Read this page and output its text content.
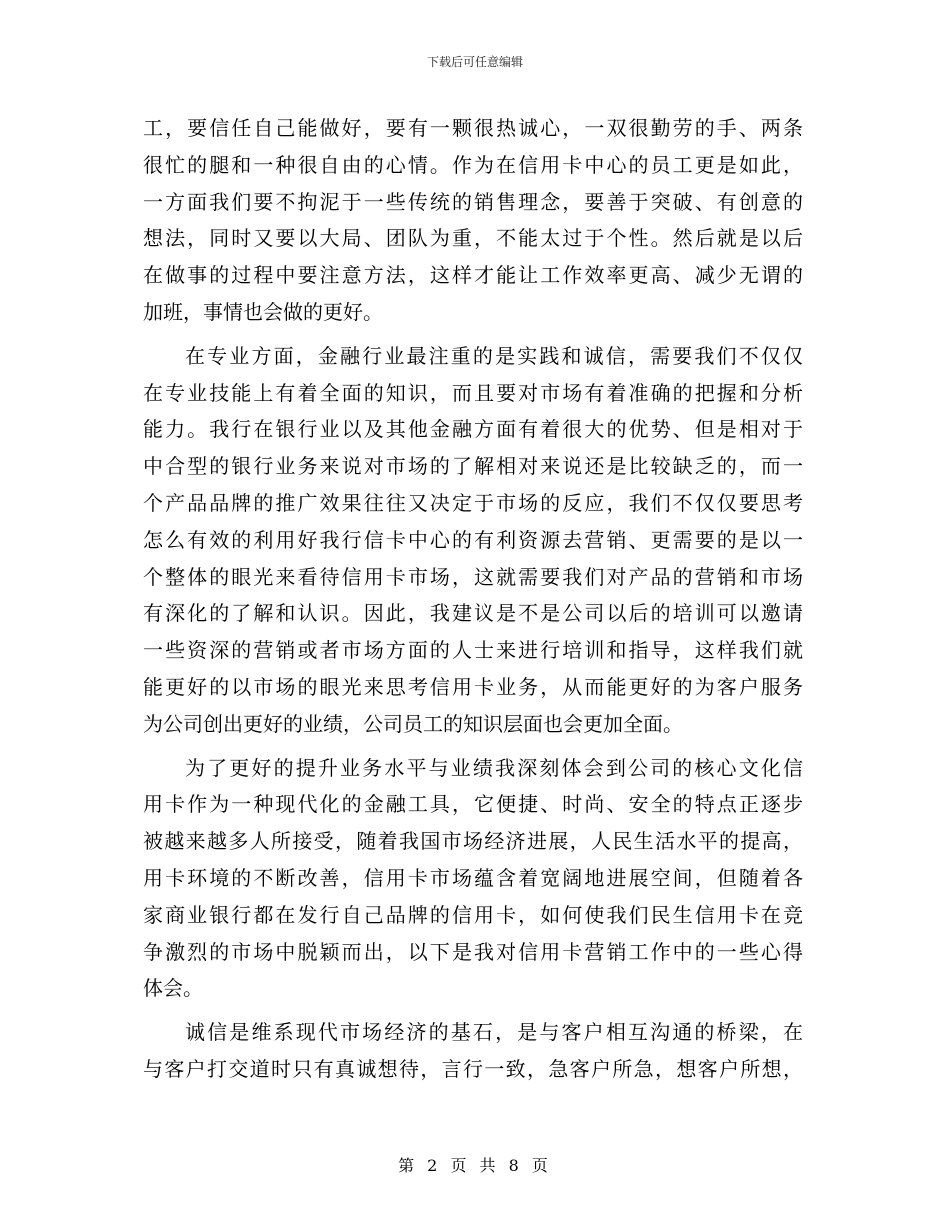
下载后可任意编辑
工，要信任自己能做好，要有一颗很热诚心，一双很勤劳的手、两条
很忙的腿和一种很自由的心情。作为在信用卡中心的员工更是如此，
一方面我们要不拘泥于一些传统的销售理念，要善于突破、有创意的
想法，同时又要以大局、团队为重，不能太过于个性。然后就是以后
在做事的过程中要注意方法，这样才能让工作效率更高、减少无谓的
加班，事情也会做的更好。
在专业方面，金融行业最注重的是实践和诚信，需要我们不仅仅
在专业技能上有着全面的知识，而且要对市场有着准确的把握和分析
能力。我行在银行业以及其他金融方面有着很大的优势、但是相对于
中合型的银行业务来说对市场的了解相对来说还是比较缺乏的，而一
个产品品牌的推广效果往往又决定于市场的反应，我们不仅仅要思考
怎么有效的利用好我行信卡中心的有利资源去营销、更需要的是以一
个整体的眼光来看待信用卡市场，这就需要我们对产品的营销和市场
有深化的了解和认识。因此，我建议是不是公司以后的培训可以邀请
一些资深的营销或者市场方面的人士来进行培训和指导，这样我们就
能更好的以市场的眼光来思考信用卡业务，从而能更好的为客户服务
为公司创出更好的业绩，公司员工的知识层面也会更加全面。
为了更好的提升业务水平与业绩我深刻体会到公司的核心文化信
用卡作为一种现代化的金融工具，它便捷、时尚、安全的特点正逐步
被越来越多人所接受，随着我国市场经济进展，人民生活水平的提高，
用卡环境的不断改善，信用卡市场蕴含着宽阔地进展空间，但随着各
家商业银行都在发行自己品牌的信用卡，如何使我们民生信用卡在竞
争激烈的市场中脱颖而出，以下是我对信用卡营销工作中的一些心得
体会。
诚信是维系现代市场经济的基石，是与客户相互沟通的桥梁，在
与客户打交道时只有真诚想待，言行一致，急客户所急，想客户所想，
第 2 页 共 8 页
